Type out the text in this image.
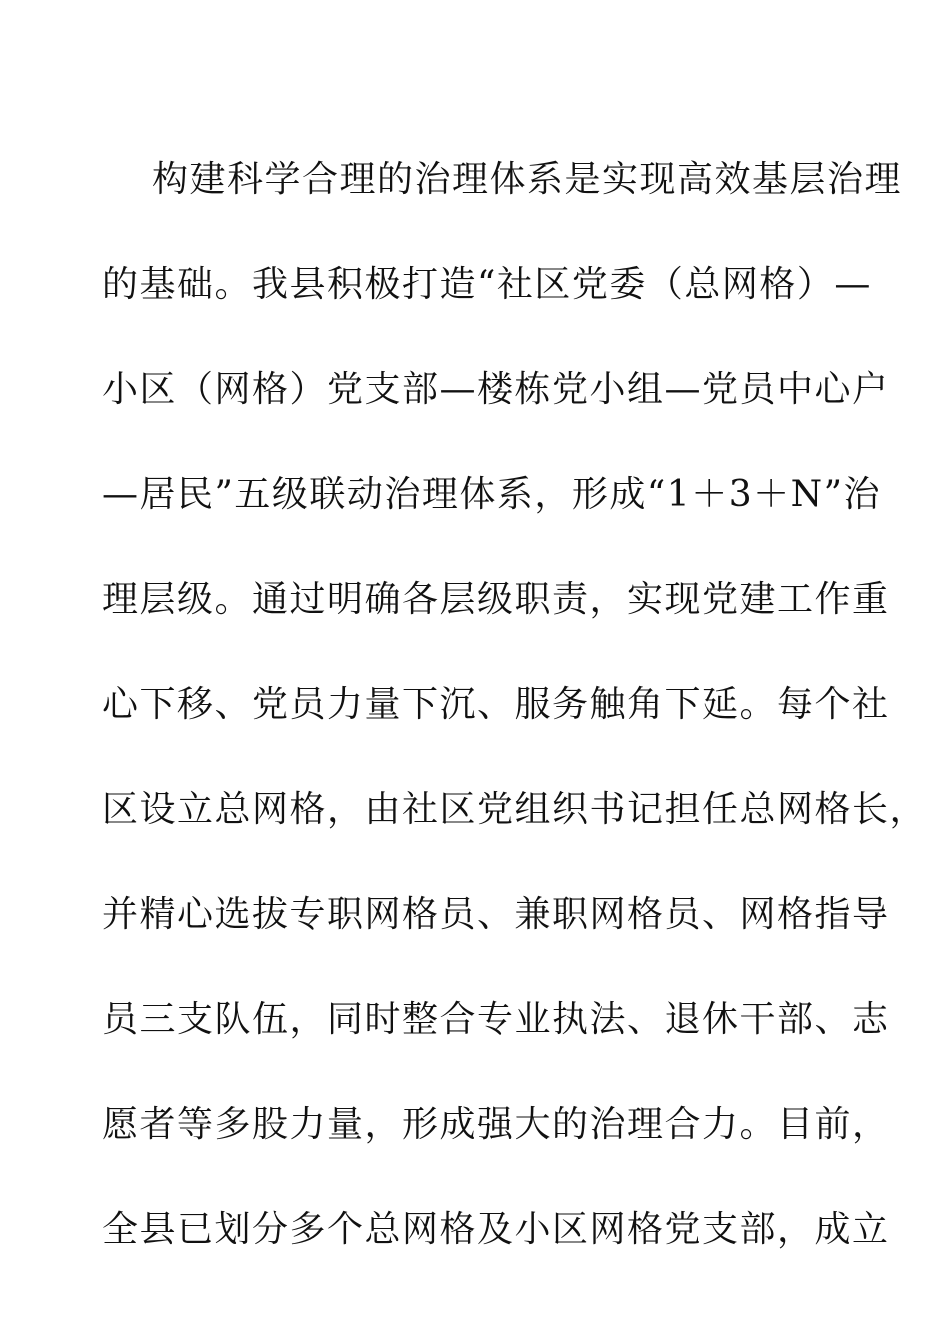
构建科学合理的治理体系是实现高效基层治理
的基础。我县积极打造“社区党委（总网格）—
小区（网格）党支部—楼栋党小组—党员中心户
—居民”五级联动治理体系，形成“1＋3＋N”治
理层级。通过明确各层级职责，实现党建工作重
心下移、党员力量下沉、服务触角下延。每个社
区设立总网格，由社区党组织书记担任总网格长，
并精心选拔专职网格员、兼职网格员、网格指导
员三支队伍，同时整合专业执法、退休干部、志
愿者等多股力量，形成强大的治理合力。目前，
全县已划分多个总网格及小区网格党支部，成立
